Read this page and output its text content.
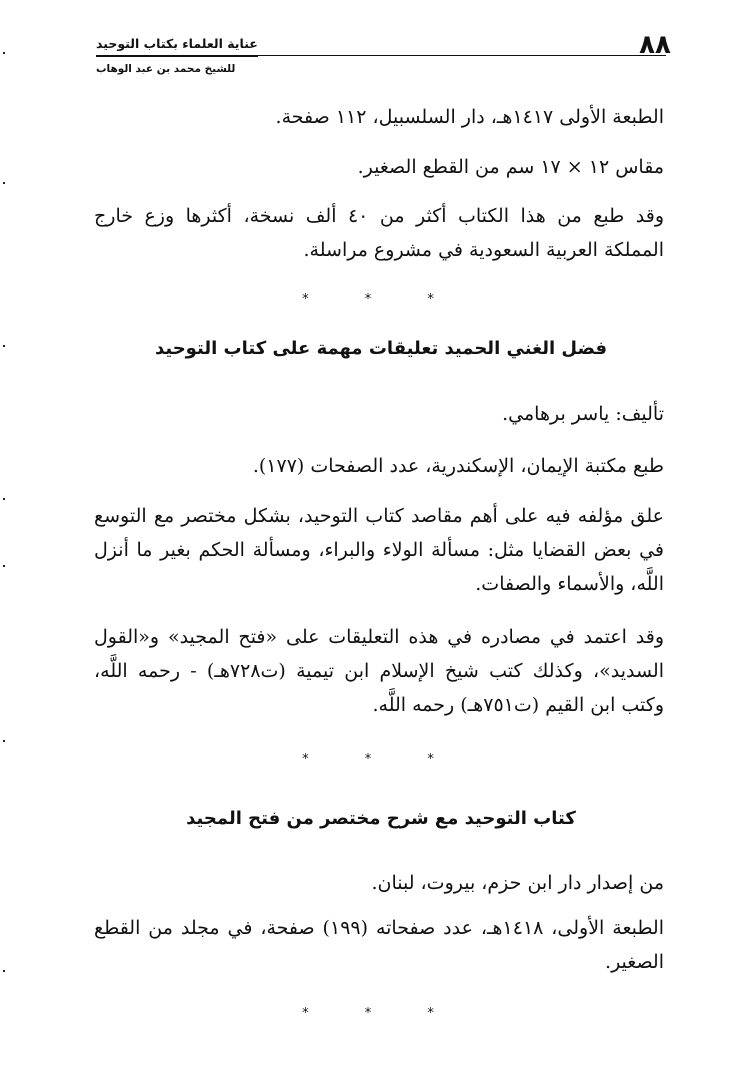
عناية العلماء بكتاب التوحيد
للشيخ محمد بن عبد الوهاب
٨٨
الطبعة الأولى ١٤١٧هـ، دار السلسبيل، ١١٢ صفحة.
مقاس ١٢ × ١٧ سم من القطع الصغير.
وقد طبع من هذا الكتاب أكثر من ٤٠ ألف نسخة، أكثرها وزع خارج المملكة العربية السعودية في مشروع مراسلة.
* * *
فضل الغني الحميد تعليقات مهمة على كتاب التوحيد
تأليف: ياسر برهامي.
طبع مكتبة الإيمان، الإسكندرية، عدد الصفحات (١٧٧).
علق مؤلفه فيه على أهم مقاصد كتاب التوحيد، بشكل مختصر مع التوسع في بعض القضايا مثل: مسألة الولاء والبراء، ومسألة الحكم بغير ما أنزل اللَّه، والأسماء والصفات.
وقد اعتمد في مصادره في هذه التعليقات على «فتح المجيد» و«القول السديد»، وكذلك كتب شيخ الإسلام ابن تيمية (ت٧٢٨هـ) - رحمه اللَّه، وكتب ابن القيم (ت٧٥١هـ) رحمه اللَّه.
* * *
كتاب التوحيد مع شرح مختصر من فتح المجيد
من إصدار دار ابن حزم، بيروت، لبنان.
الطبعة الأولى، ١٤١٨هـ، عدد صفحاته (١٩٩) صفحة، في مجلد من القطع الصغير.
* * *
